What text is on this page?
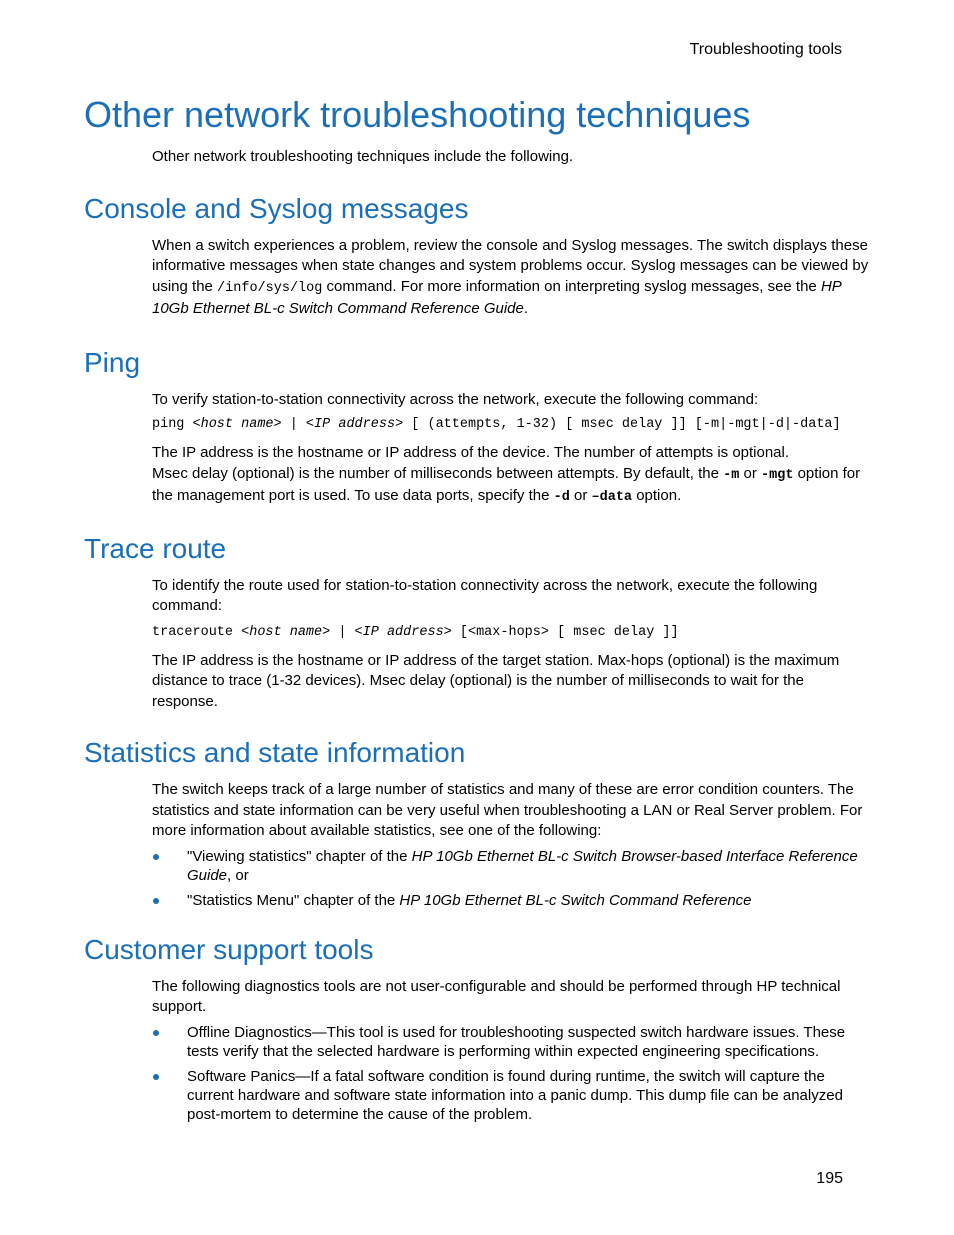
Troubleshooting tools
Other network troubleshooting techniques

Other network troubleshooting techniques include the following.

Console and Syslog messages

When a switch experiences a problem, review the console and Syslog messages. The switch displays these informative messages when state changes and system problems occur. Syslog messages can be viewed by using the /info/sys/log command. For more information on interpreting syslog messages, see the HP 10Gb Ethernet BL-c Switch Command Reference Guide.

Ping

To verify station-to-station connectivity across the network, execute the following command:

ping <host name> | <IP address> [ (attempts, 1-32) [ msec delay ]] [-m|-mgt|-d|-data]

The IP address is the hostname or IP address of the device. The number of attempts is optional.

Msec delay (optional) is the number of milliseconds between attempts. By default, the -m or -mgt option for the management port is used. To use data ports, specify the -d or –data option.

Trace route

To identify the route used for station-to-station connectivity across the network, execute the following command:

traceroute <host name> | <IP address> [<max-hops> [ msec delay ]]

The IP address is the hostname or IP address of the target station. Max-hops (optional) is the maximum distance to trace (1-32 devices). Msec delay (optional) is the number of milliseconds to wait for the response.

Statistics and state information

The switch keeps track of a large number of statistics and many of these are error condition counters. The statistics and state information can be very useful when troubleshooting a LAN or Real Server problem. For more information about available statistics, see one of the following:

"Viewing statistics" chapter of the HP 10Gb Ethernet BL-c Switch Browser-based Interface Reference Guide, or
"Statistics Menu" chapter of the HP 10Gb Ethernet BL-c Switch Command Reference
Customer support tools

The following diagnostics tools are not user-configurable and should be performed through HP technical support.

Offline Diagnostics—This tool is used for troubleshooting suspected switch hardware issues. These tests verify that the selected hardware is performing within expected engineering specifications.
Software Panics—If a fatal software condition is found during runtime, the switch will capture the current hardware and software state information into a panic dump. This dump file can be analyzed post-mortem to determine the cause of the problem.
195
